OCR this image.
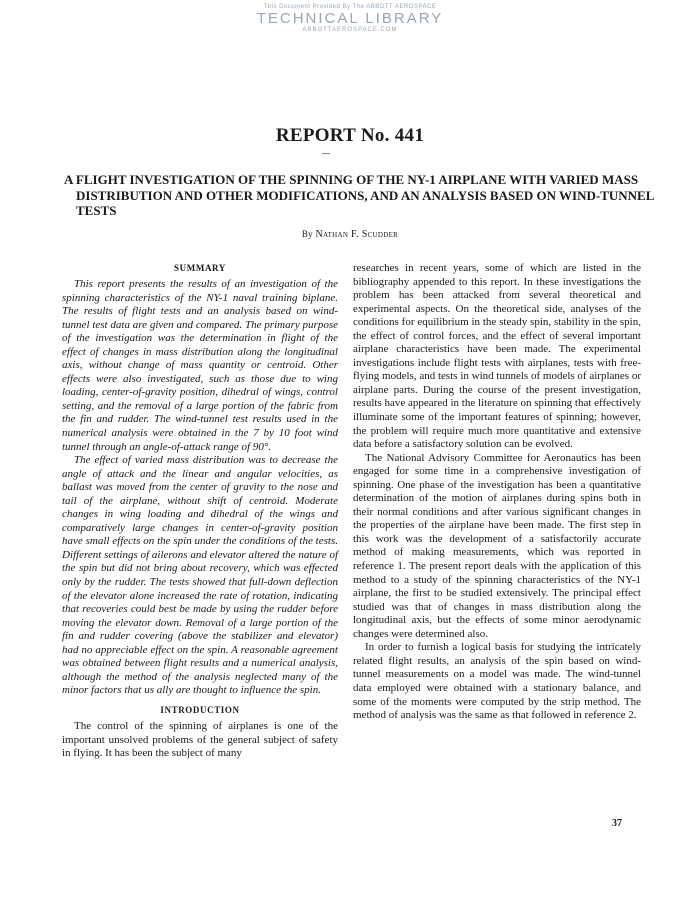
This Document Provided By The ABBOTT AEROSPACE
TECHNICAL LIBRARY
ABBOTTAEROSPACE.COM
REPORT No. 441
A FLIGHT INVESTIGATION OF THE SPINNING OF THE NY-1 AIRPLANE WITH VARIED MASS DISTRIBUTION AND OTHER MODIFICATIONS, AND AN ANALYSIS BASED ON WIND-TUNNEL TESTS
By Nathan F. Scudder
SUMMARY

This report presents the results of an investigation of the spinning characteristics of the NY-1 naval training biplane. The results of flight tests and an analysis based on wind-tunnel test data are given and compared. The primary purpose of the investigation was the determination in flight of the effect of changes in mass distribution along the longitudinal axis, without change of mass quantity or centroid. Other effects were also investigated, such as those due to wing loading, center-of-gravity position, dihedral of wings, control setting, and the removal of a large portion of the fabric from the fin and rudder. The wind-tunnel test results used in the numerical analysis were obtained in the 7 by 10 foot wind tunnel through an angle-of-attack range of 90°.

The effect of varied mass distribution was to decrease the angle of attack and the linear and angular velocities, as ballast was moved from the center of gravity to the nose and tail of the airplane, without shift of centroid. Moderate changes in wing loading and dihedral of the wings and comparatively large changes in center-of-gravity position have small effects on the spin under the conditions of the tests. Different settings of ailerons and elevator altered the nature of the spin but did not bring about recovery, which was effected only by the rudder. The tests showed that full-down deflection of the elevator alone increased the rate of rotation, indicating that recoveries could best be made by using the rudder before moving the elevator down. Removal of a large portion of the fin and rudder covering (above the stabilizer and elevator) had no appreciable effect on the spin. A reasonable agreement was obtained between flight results and a numerical analysis, although the method of the analysis neglected many of the minor factors that us ally are thought to influence the spin.

INTRODUCTION

The control of the spinning of airplanes is one of the important unsolved problems of the general subject of safety in flying. It has been the subject of many

researches in recent years, some of which are listed in the bibliography appended to this report. In these investigations the problem has been attacked from several theoretical and experimental aspects. On the theoretical side, analyses of the conditions for equilibrium in the steady spin, stability in the spin, the effect of control forces, and the effect of several important airplane characteristics have been made. The experimental investigations include flight tests with airplanes, tests with free-flying models, and tests in wind tunnels of models of airplanes or airplane parts. During the course of the present investigation, results have appeared in the literature on spinning that effectively illuminate some of the important features of spinning; however, the problem will require much more quantitative and extensive data before a satisfactory solution can be evolved.

The National Advisory Committee for Aeronautics has been engaged for some time in a comprehensive investigation of spinning. One phase of the investigation has been a quantitative determination of the motion of airplanes during spins both in their normal conditions and after various significant changes in the properties of the airplane have been made. The first step in this work was the development of a satisfactorily accurate method of making measurements, which was reported in reference 1. The present report deals with the application of this method to a study of the spinning characteristics of the NY-1 airplane, the first to be studied extensively. The principal effect studied was that of changes in mass distribution along the longitudinal axis, but the effects of some minor aerodynamic changes were determined also.

In order to furnish a logical basis for studying the intricately related flight results, an analysis of the spin based on wind-tunnel measurements on a model was made. The wind-tunnel data employed were obtained with a stationary balance, and some of the moments were computed by the strip method. The method of analysis was the same as that followed in reference 2.

37
